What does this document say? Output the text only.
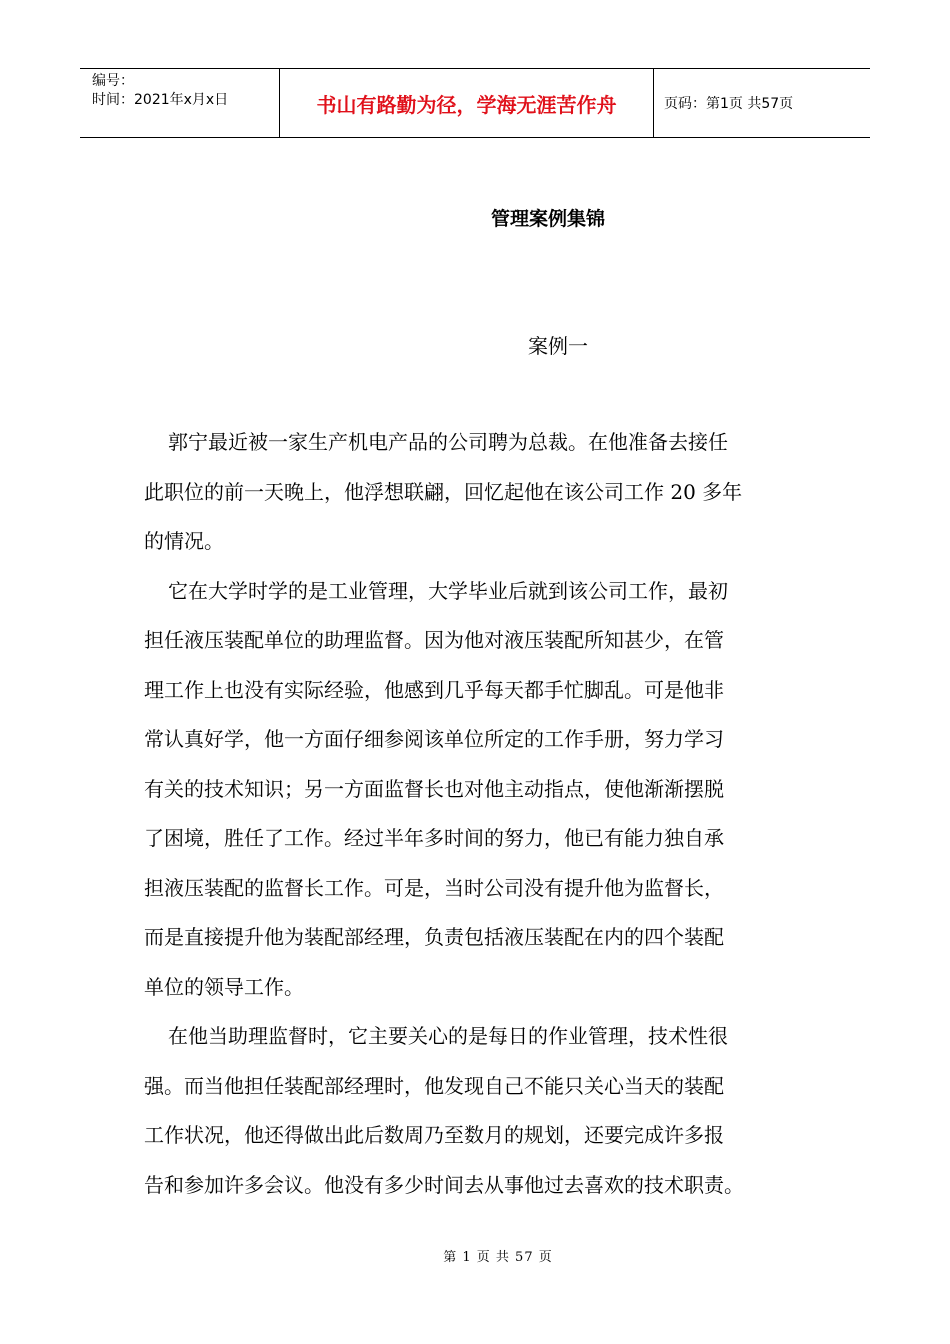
编号：
时间：2021年x月x日	书山有路勤为径，学海无涯苦作舟	页码：第1页 共57页
管理案例集锦
案例一
郭宁最近被一家生产机电产品的公司聘为总裁。在他准备去接任
此职位的前一天晚上，他浮想联翩，回忆起他在该公司工作 20 多年
的情况。
它在大学时学的是工业管理，大学毕业后就到该公司工作，最初
担任液压装配单位的助理监督。因为他对液压装配所知甚少，在管
理工作上也没有实际经验，他感到几乎每天都手忙脚乱。可是他非
常认真好学，他一方面仔细参阅该单位所定的工作手册，努力学习
有关的技术知识；另一方面监督长也对他主动指点，使他渐渐摆脱
了困境，胜任了工作。经过半年多时间的努力，他已有能力独自承
担液压装配的监督长工作。可是，当时公司没有提升他为监督长，
而是直接提升他为装配部经理，负责包括液压装配在内的四个装配
单位的领导工作。
在他当助理监督时，它主要关心的是每日的作业管理，技术性很
强。而当他担任装配部经理时，他发现自己不能只关心当天的装配
工作状况，他还得做出此后数周乃至数月的规划，还要完成许多报
告和参加许多会议。他没有多少时间去从事他过去喜欢的技术职责。
第 1 页 共 57 页
